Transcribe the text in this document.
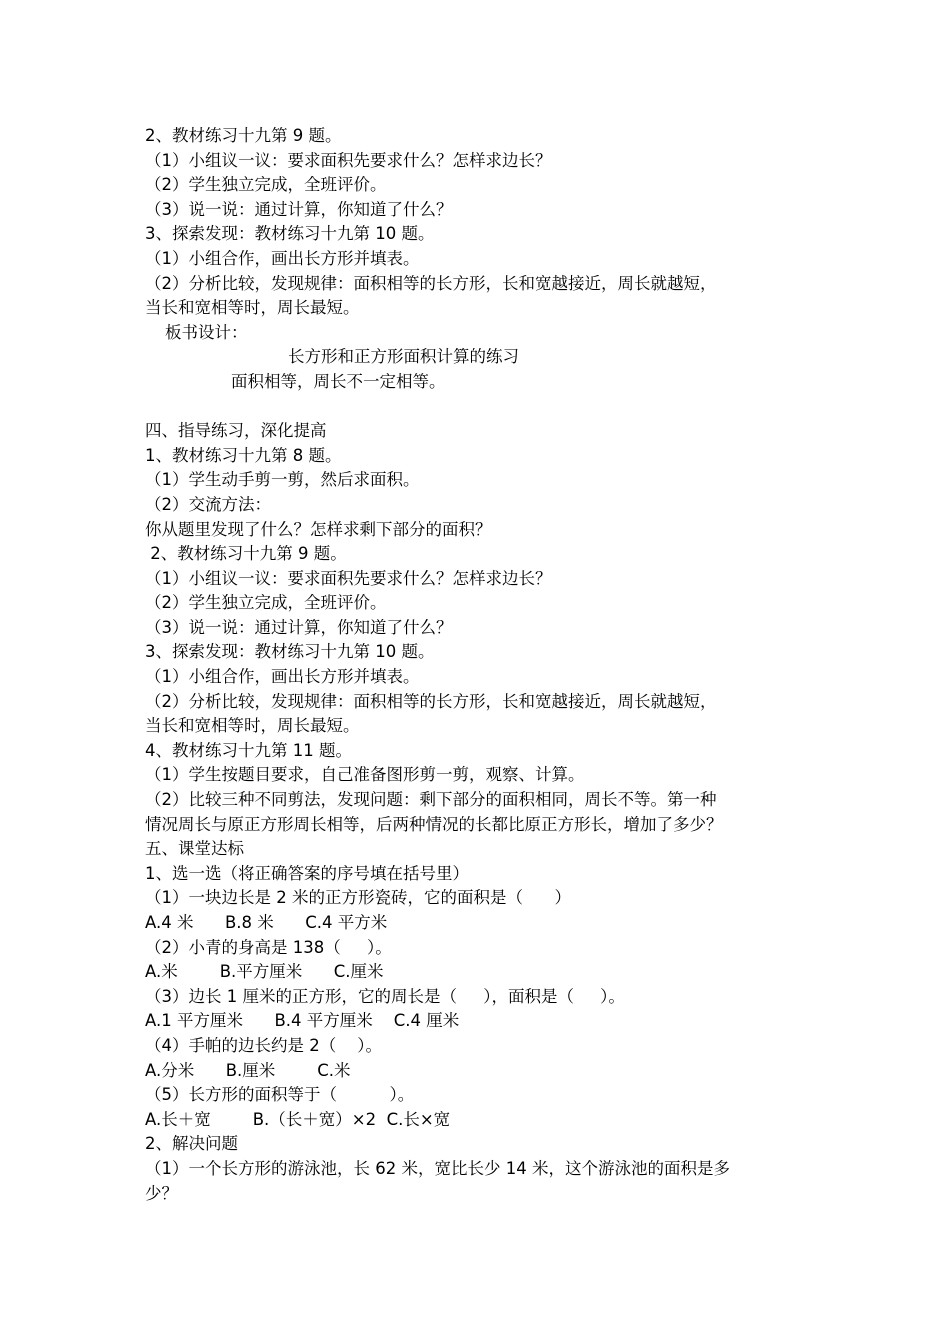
2、教材练习十九第 9 题。
（1）小组议一议：要求面积先要求什么？怎样求边长？
（2）学生独立完成，全班评价。
（3）说一说：通过计算，你知道了什么？
3、探索发现：教材练习十九第 10 题。
（1）小组合作，画出长方形并填表。
（2）分析比较，发现规律：面积相等的长方形，长和宽越接近，周长就越短，
当长和宽相等时，周长最短。
板书设计：
长方形和正方形面积计算的练习
面积相等，周长不一定相等。
四、指导练习，深化提高
1、教材练习十九第 8 题。
（1）学生动手剪一剪，然后求面积。
（2）交流方法：
你从题里发现了什么？怎样求剩下部分的面积？
2、教材练习十九第 9 题。
（1）小组议一议：要求面积先要求什么？怎样求边长？
（2）学生独立完成，全班评价。
（3）说一说：通过计算，你知道了什么？
3、探索发现：教材练习十九第 10 题。
（1）小组合作，画出长方形并填表。
（2）分析比较，发现规律：面积相等的长方形，长和宽越接近，周长就越短，
当长和宽相等时，周长最短。
4、教材练习十九第 11 题。
（1）学生按题目要求，自己准备图形剪一剪，观察、计算。
（2）比较三种不同剪法，发现问题：剩下部分的面积相同，周长不等。第一种
情况周长与原正方形周长相等，后两种情况的长都比原正方形长，增加了多少？
五、课堂达标
1、选一选（将正确答案的序号填在括号里）
（1）一块边长是 2 米的正方形瓷砖，它的面积是（      ）
A.4 米      B.8 米      C.4 平方米
（2）小青的身高是 138（     ）。
A.米        B.平方厘米      C.厘米
（3）边长 1 厘米的正方形，它的周长是（     ），面积是（     ）。
A.1 平方厘米      B.4 平方厘米    C.4 厘米
（4）手帕的边长约是 2（    ）。
A.分米      B.厘米        C.米
（5）长方形的面积等于（          ）。
A.长＋宽        B.（长＋宽）×2  C.长×宽
2、解决问题
（1）一个长方形的游泳池，长 62 米，宽比长少 14 米，这个游泳池的面积是多
少？
